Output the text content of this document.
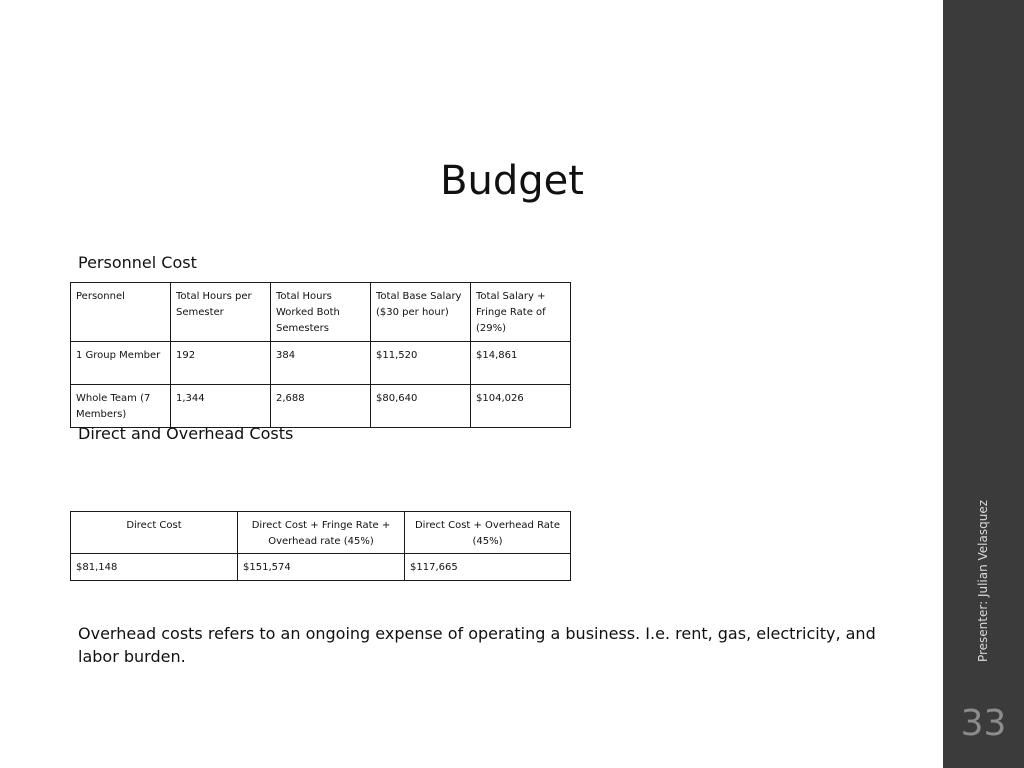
Budget
Personnel Cost
Personnel	Total Hours per Semester	Total Hours Worked Both Semesters	Total Base Salary ($30 per hour)	Total Salary + Fringe Rate of (29%)
1 Group Member	192	384	$11,520	$14,861
Whole Team (7 Members)	1,344	2,688	$80,640	$104,026
Direct and Overhead Costs
Direct Cost	Direct Cost + Fringe Rate + Overhead rate (45%)	Direct Cost + Overhead Rate (45%)
$81,148	$151,574	$117,665
Overhead costs refers to an ongoing expense of operating a business. I.e. rent, gas, electricity, and labor burden.	Presenter: Julian Velasquez
33
